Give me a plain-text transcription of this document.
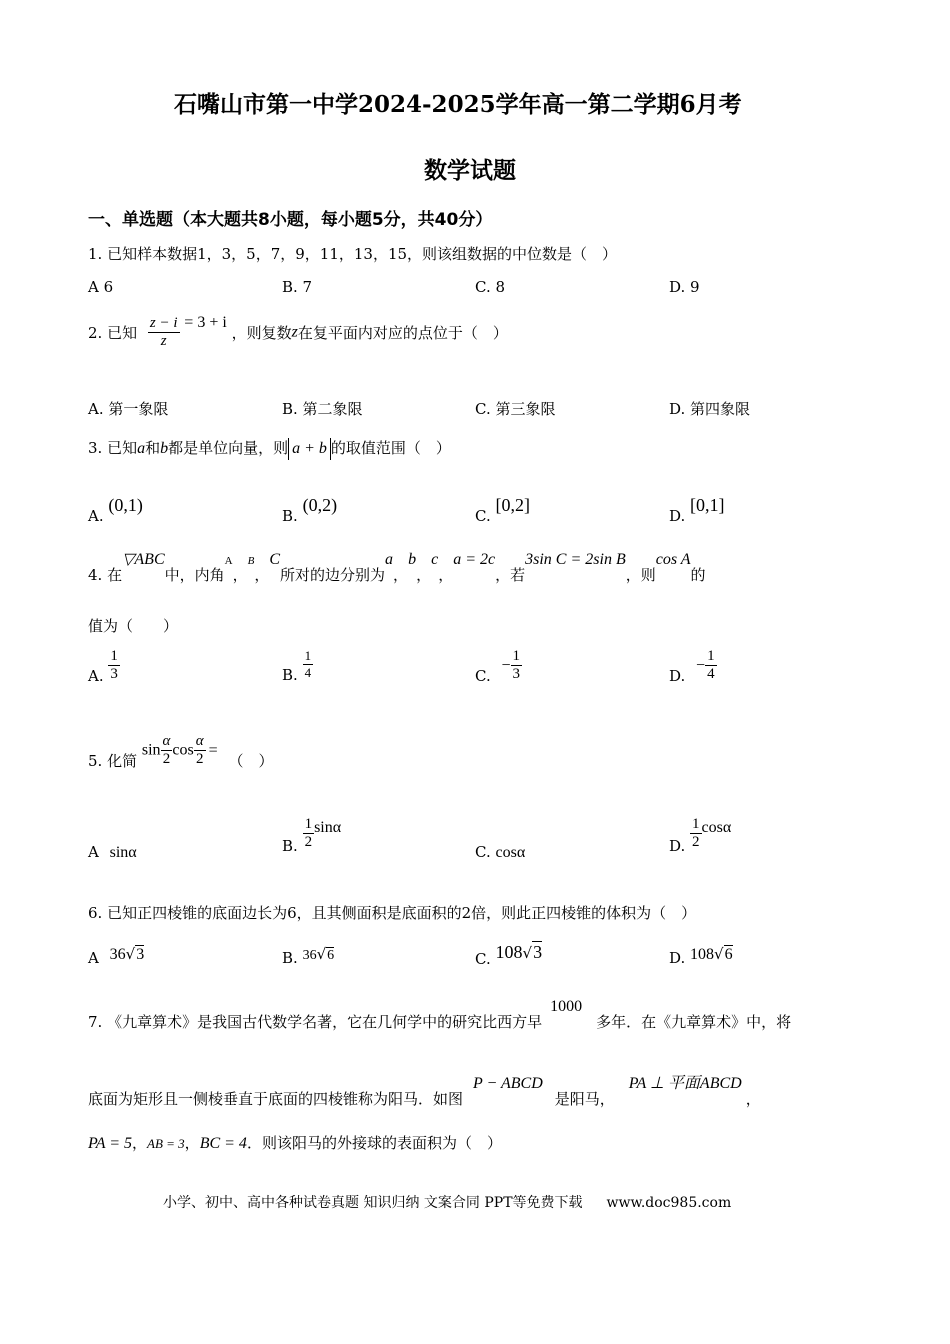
石嘴山市第一中学2024-2025学年高一第二学期6月考
数学试题
一、单选题（本大题共8小题，每小题5分，共40分）
1. 已知样本数据1，3，5，7，9，11，13，15，则该组数据的中位数是（　）
A 6	B. 7	C. 8	D. 9
2. 已知 $\frac{z - i}{z} = 3 + i$ ，则复数z在复平面内对应的点位于（　）
A. 第一象限	B. 第二象限	C. 第三象限	D. 第四象限
3. 已知a和b都是单位向量，则 a + b 的取值范围（　）
A. (0,1)
B. (0,2)
C. [0,2]
D. [0,1]
4. 在▽ABC中，内角A，B，C所对的边分别为a，b，c，a = 2c，若3sin C = 2sin B，则cos A的
值为（　　）
A. $\frac{1}{3}$	B. $\frac{1}{4}$	C. − $\frac{1}{3}$	D. − $\frac{1}{4}$
5. 化简 $\sin \frac{\alpha}{2}$ $\cos \frac{\alpha}{2}$ = （　）
A sinα	B. $\frac{1}{2}$ sinα
C. cosα	D. $\frac{1}{2}$ cosα
6. 已知正四棱锥的底面边长为6，且其侧面积是底面积的2倍，则此正四棱锥的体积为（　）
A 36√3	B. 36√6	C. 108√3	D. 108√6
7. 《九章算术》是我国古代数学名著，它在几何学中的研究比西方早1000多年．在《九章算术》中，将
底面为矩形且一侧棱垂直于底面的四棱锥称为阳马．如图P − ABCD是阳马，PA ⊥ 平面ABCD，
PA = 5，AB = 3，BC = 4．则该阳马的外接球的表面积为（　）
小学、初中、高中各种试卷真题 知识归纳 文案合同 PPT等免费下载 www.doc985.com
